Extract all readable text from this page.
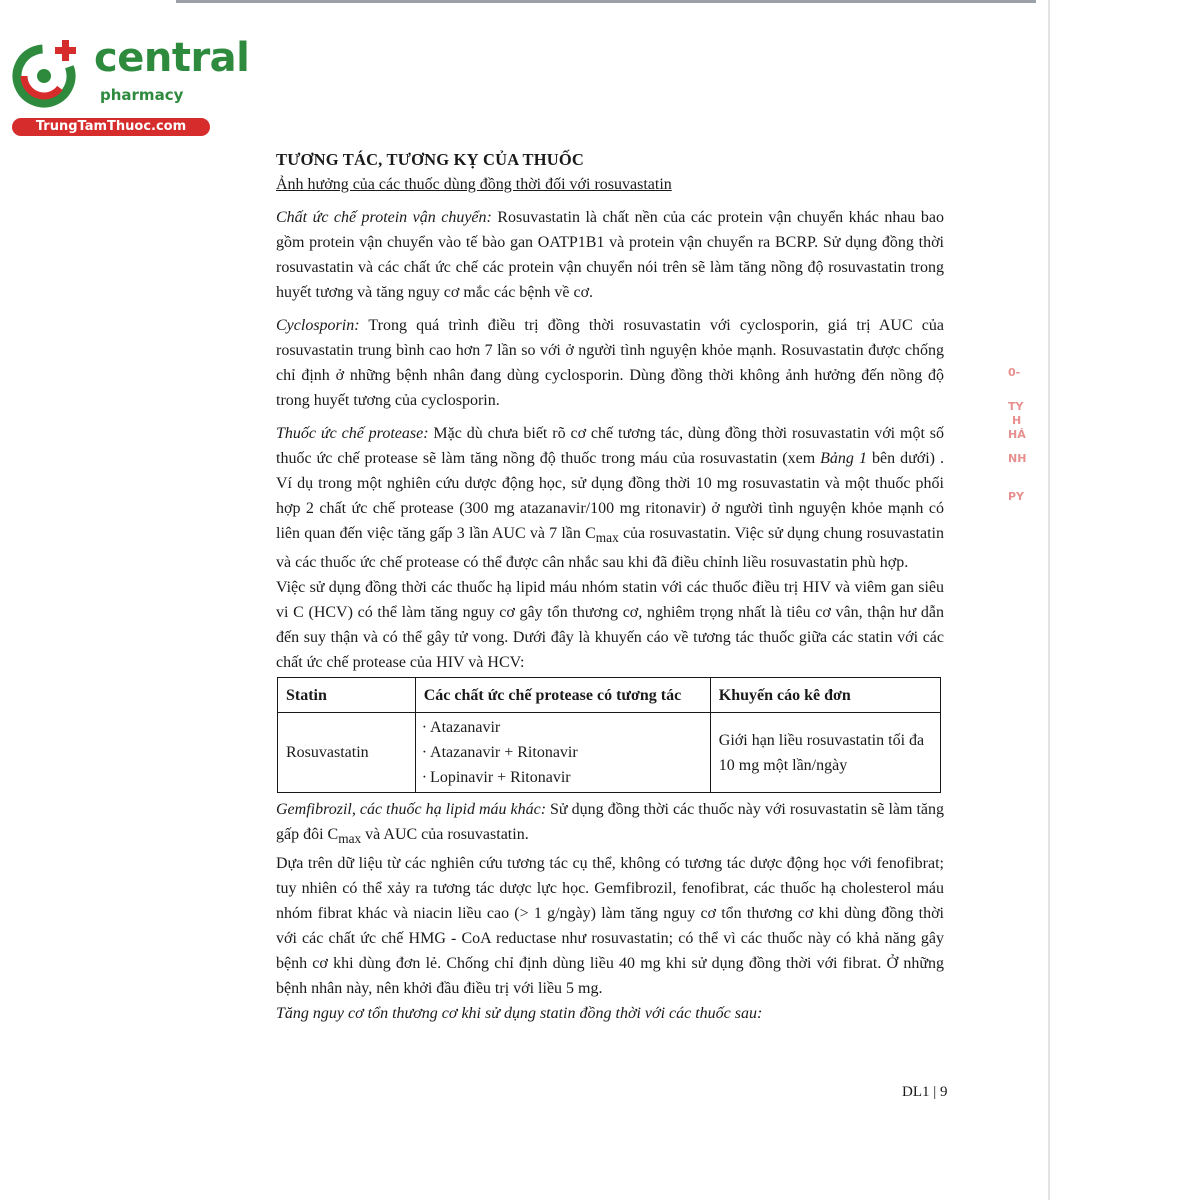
central
pharmacy
TrungTamThuoc.com

TƯƠNG TÁC, TƯƠNG KỴ CỦA THUỐC

Ảnh hưởng của các thuốc dùng đồng thời đối với rosuvastatin

Chất ức chế protein vận chuyển: Rosuvastatin là chất nền của các protein vận chuyển khác nhau bao gồm protein vận chuyển vào tế bào gan OATP1B1 và protein vận chuyển ra BCRP. Sử dụng đồng thời rosuvastatin và các chất ức chế các protein vận chuyển nói trên sẽ làm tăng nồng độ rosuvastatin trong huyết tương và tăng nguy cơ mắc các bệnh về cơ.

Cyclosporin: Trong quá trình điều trị đồng thời rosuvastatin với cyclosporin, giá trị AUC của rosuvastatin trung bình cao hơn 7 lần so với ở người tình nguyện khỏe mạnh. Rosuvastatin được chống chỉ định ở những bệnh nhân đang dùng cyclosporin. Dùng đồng thời không ảnh hưởng đến nồng độ trong huyết tương của cyclosporin.

Thuốc ức chế protease: Mặc dù chưa biết rõ cơ chế tương tác, dùng đồng thời rosuvastatin với một số thuốc ức chế protease sẽ làm tăng nồng độ thuốc trong máu của rosuvastatin (xem Bảng 1 bên dưới) . Ví dụ trong một nghiên cứu dược động học, sử dụng đồng thời 10 mg rosuvastatin và một thuốc phối hợp 2 chất ức chế protease (300 mg atazanavir/100 mg ritonavir) ở người tình nguyện khỏe mạnh có liên quan đến việc tăng gấp 3 lần AUC và 7 lần $C_{max}$ của rosuvastatin. Việc sử dụng chung rosuvastatin và các thuốc ức chế protease có thể được cân nhắc sau khi đã điều chỉnh liều rosuvastatin phù hợp.

Việc sử dụng đồng thời các thuốc hạ lipid máu nhóm statin với các thuốc điều trị HIV và viêm gan siêu vi C (HCV) có thể làm tăng nguy cơ gây tổn thương cơ, nghiêm trọng nhất là tiêu cơ vân, thận hư dẫn đến suy thận và có thể gây tử vong. Dưới đây là khuyến cáo về tương tác thuốc giữa các statin với các chất ức chế protease của HIV và HCV:

Statin	Các chất ức chế protease có tương tác	Khuyến cáo kê đơn
Rosuvastatin	· Atazanavir
· Atazanavir + Ritonavir
· Lopinavir + Ritonavir	Giới hạn liều rosuvastatin tối đa 10 mg một lần/ngày

Gemfibrozil, các thuốc hạ lipid máu khác: Sử dụng đồng thời các thuốc này với rosuvastatin sẽ làm tăng gấp đôi $C_{max}$ và AUC của rosuvastatin.

Dựa trên dữ liệu từ các nghiên cứu tương tác cụ thể, không có tương tác dược động học với fenofibrat; tuy nhiên có thể xảy ra tương tác dược lực học. Gemfibrozil, fenofibrat, các thuốc hạ cholesterol máu nhóm fibrat khác và niacin liều cao (> 1 g/ngày) làm tăng nguy cơ tổn thương cơ khi dùng đồng thời với các chất ức chế HMG - CoA reductase như rosuvastatin; có thể vì các thuốc này có khả năng gây bệnh cơ khi dùng đơn lẻ. Chống chỉ định dùng liều 40 mg khi sử dụng đồng thời với fibrat. Ở những bệnh nhân này, nên khởi đầu điều trị với liều 5 mg.

Tăng nguy cơ tổn thương cơ khi sử dụng statin đồng thời với các thuốc sau:

DL1 | 9
0-
TY
H
HÁ
NH
PY
